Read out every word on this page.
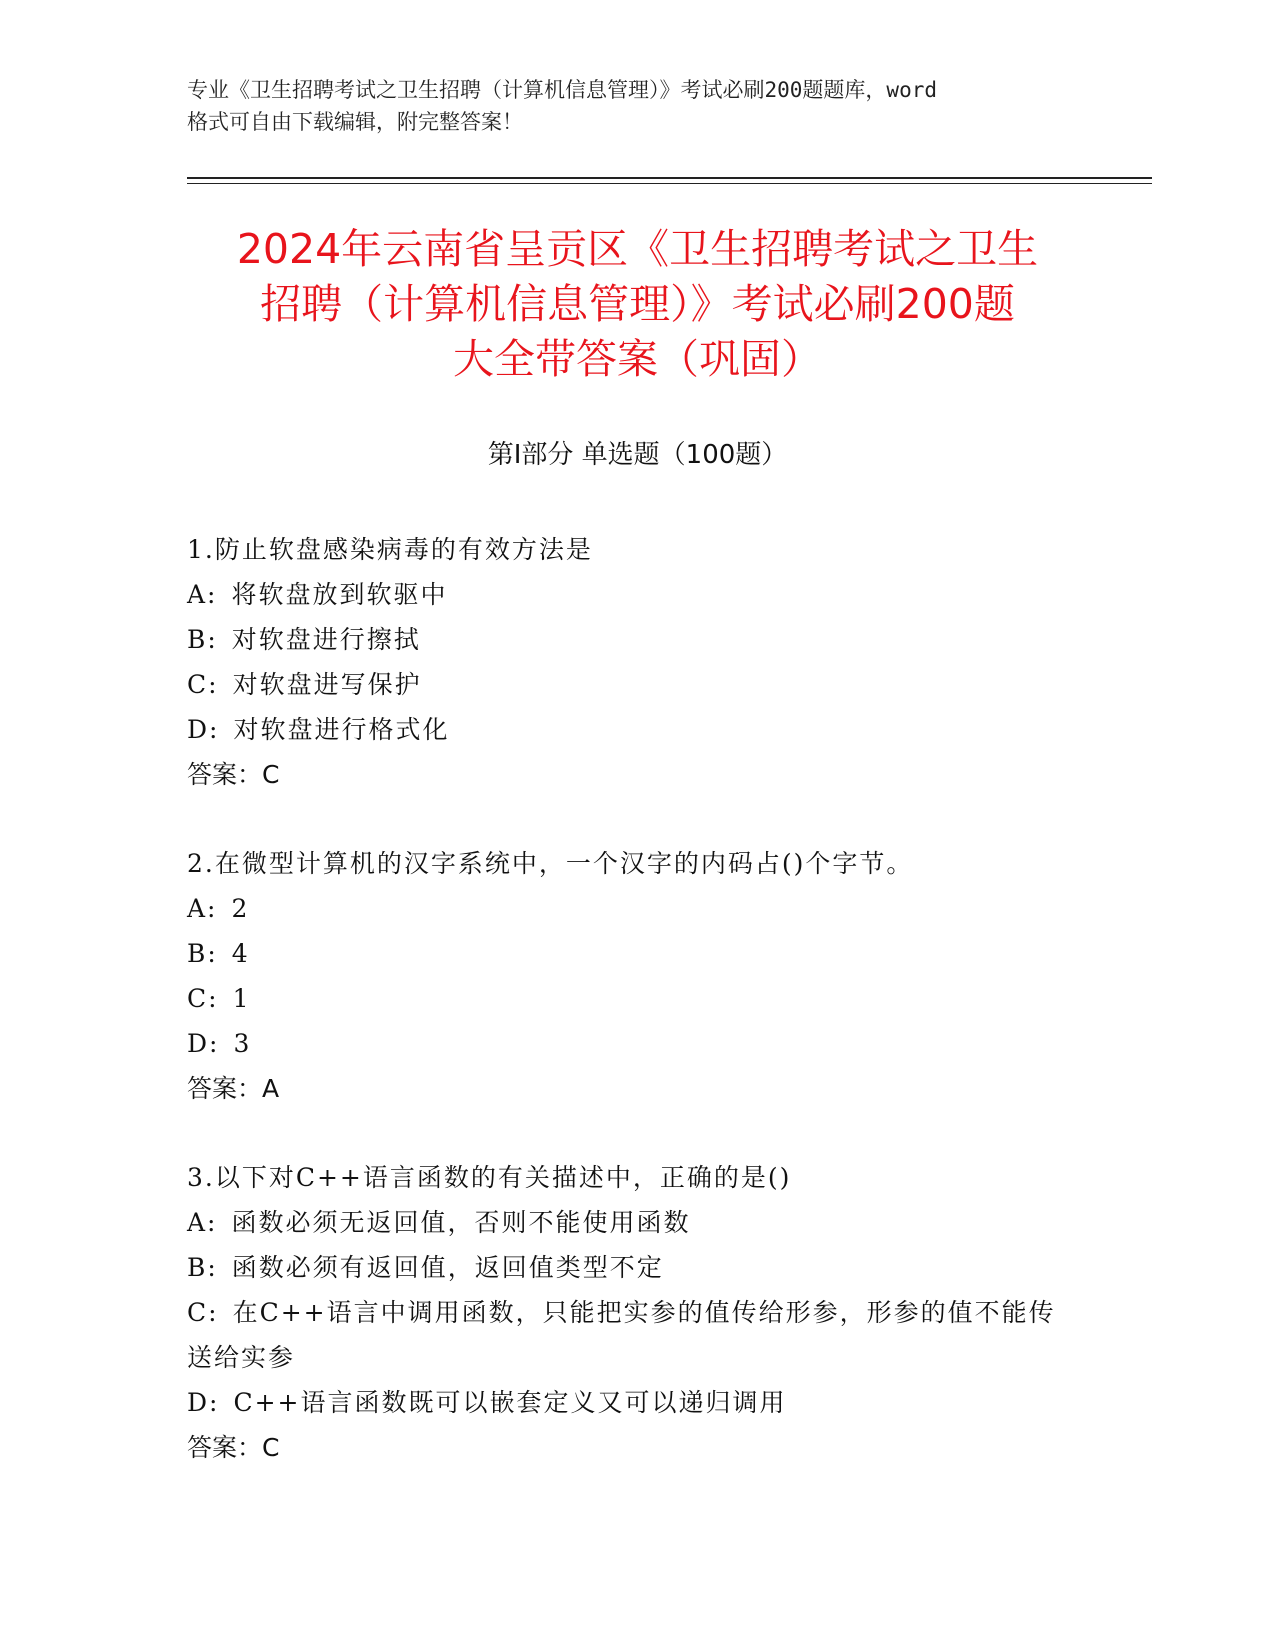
专业《卫生招聘考试之卫生招聘（计算机信息管理）》考试必刷200题题库，word
格式可自由下载编辑，附完整答案！
2024年云南省呈贡区《卫生招聘考试之卫生
招聘（计算机信息管理）》考试必刷200题
大全带答案（巩固）
第Ⅰ部分 单选题（100题）
1.防止软盘感染病毒的有效方法是
A: 将软盘放到软驱中
B: 对软盘进行擦拭
C: 对软盘进写保护
D: 对软盘进行格式化
答案：C
2.在微型计算机的汉字系统中，一个汉字的内码占()个字节。
A: 2
B: 4
C: 1
D: 3
答案：A
3.以下对C++语言函数的有关描述中，正确的是()
A: 函数必须无返回值，否则不能使用函数
B: 函数必须有返回值，返回值类型不定
C: 在C++语言中调用函数，只能把实参的值传给形参，形参的值不能传送给实参
D: C++语言函数既可以嵌套定义又可以递归调用
答案：C
